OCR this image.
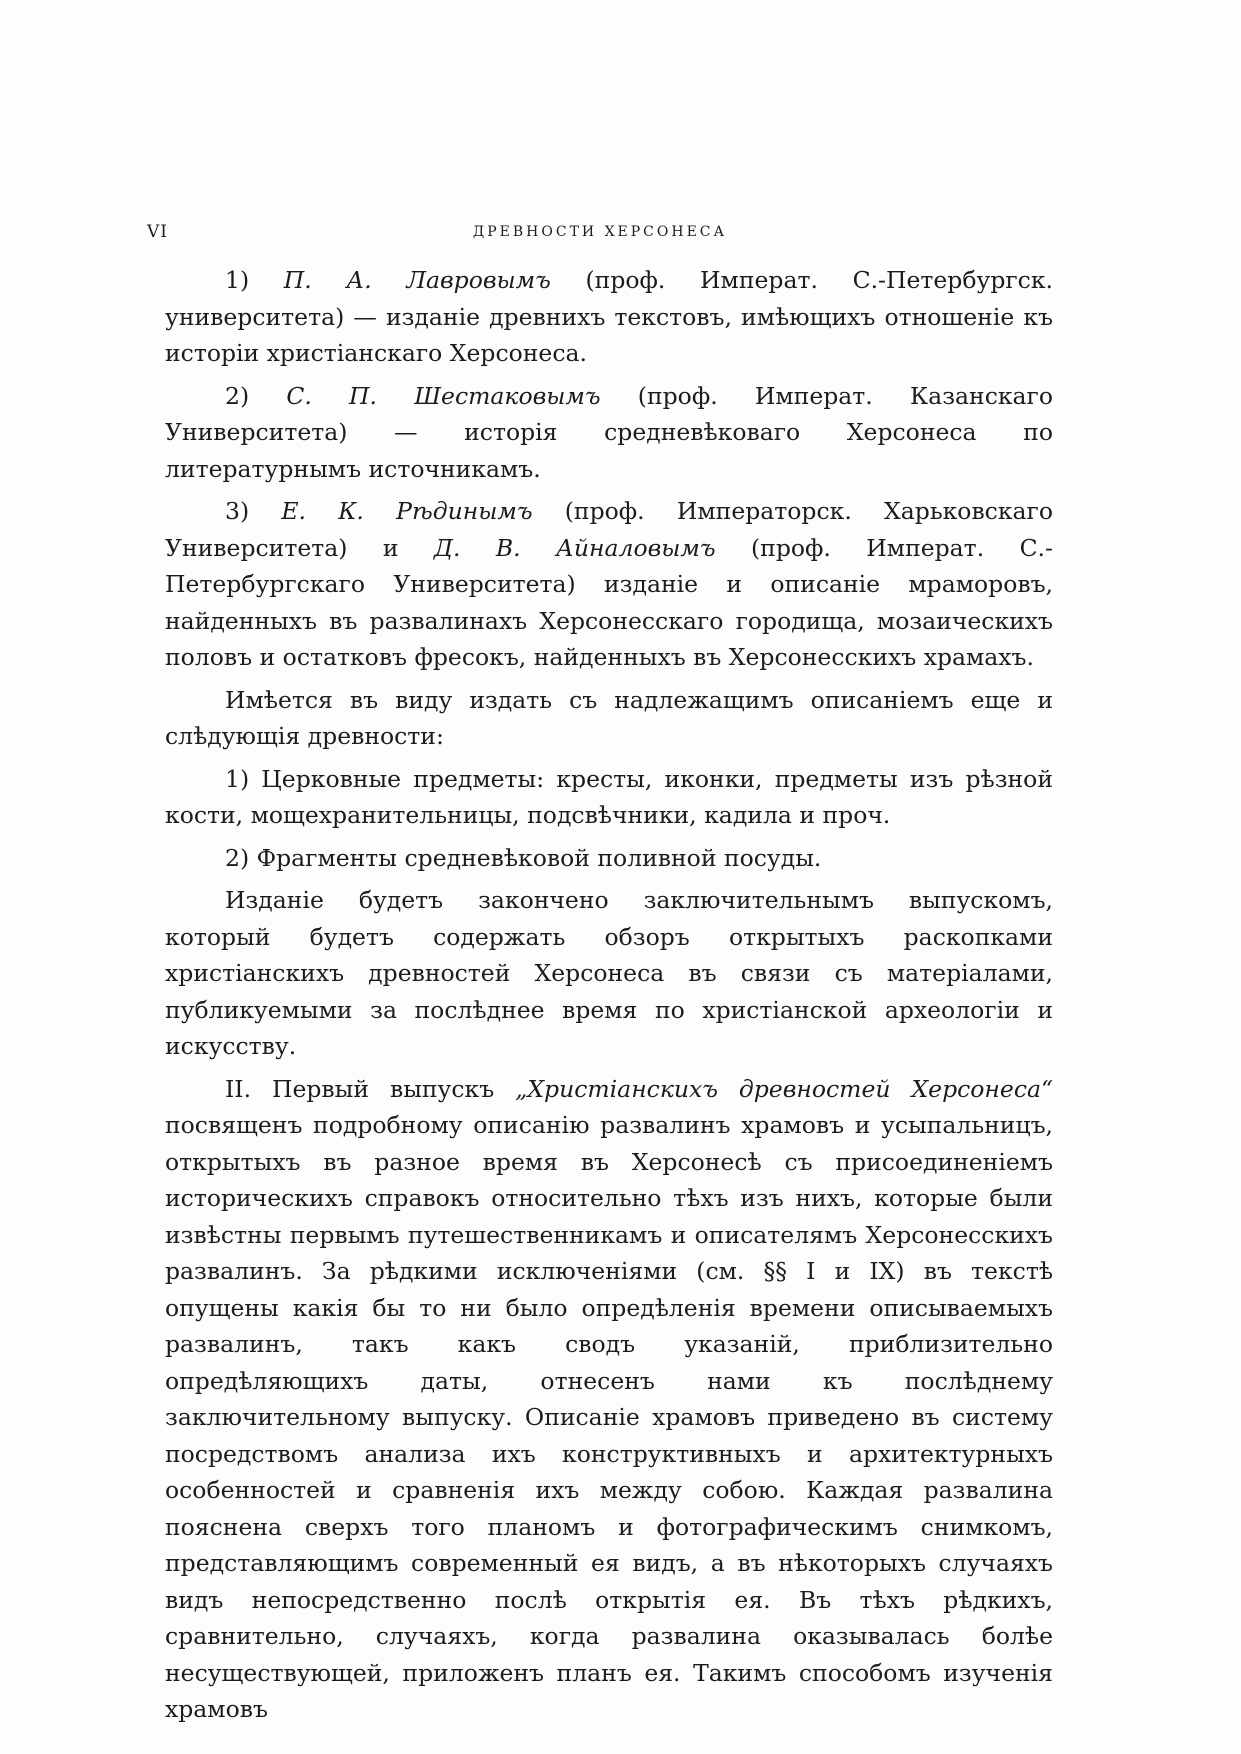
VI	ДРЕВНОСТИ ХЕРСОНЕСА

1) П. А. Лавровымъ (проф. Императ. С.-Петербургск. университета) — изданіе древнихъ текстовъ, имѣющихъ отношеніе къ исторіи христіанскаго Херсонеса.

2) С. П. Шестаковымъ (проф. Императ. Казанскаго Университета) — исторія средневѣковаго Херсонеса по литературнымъ источникамъ.

3) Е. К. Рѣдинымъ (проф. Императорск. Харьковскаго Университета) и Д. В. Айналовымъ (проф. Императ. С.-Петербургскаго Университета) изданіе и описаніе мраморовъ, найденныхъ въ развалинахъ Херсонесскаго городища, мозаическихъ половъ и остатковъ фресокъ, найденныхъ въ Херсонесскихъ храмахъ.

Имѣется въ виду издать съ надлежащимъ описаніемъ еще и слѣдующія древности:

1) Церковные предметы: кресты, иконки, предметы изъ рѣзной кости, мощехранительницы, подсвѣчники, кадила и проч.

2) Фрагменты средневѣковой поливной посуды.

Изданіе будетъ закончено заключительнымъ выпускомъ, который будетъ содержать обзоръ открытыхъ раскопками христіанскихъ древностей Херсонеса въ связи съ матеріалами, публикуемыми за послѣднее время по христіанской археологіи и искусству.

II. Первый выпускъ „Христіанскихъ древностей Херсонеса“ посвященъ подробному описанію развалинъ храмовъ и усыпальницъ, открытыхъ въ разное время въ Херсонесѣ съ присоединеніемъ историческихъ справокъ относительно тѣхъ изъ нихъ, которые были извѣстны первымъ путешественникамъ и описателямъ Херсонесскихъ развалинъ. За рѣдкими исключеніями (см. §§ I и IX) въ текстѣ опущены какія бы то ни было опредѣленія времени описываемыхъ развалинъ, такъ какъ сводъ указаній, приблизительно опредѣляющихъ даты, отнесенъ нами къ послѣднему заключительному выпуску. Описаніе храмовъ приведено въ систему посредствомъ анализа ихъ конструктивныхъ и архитектурныхъ особенностей и сравненія ихъ между собою. Каждая развалина пояснена сверхъ того планомъ и фотографическимъ снимкомъ, представляющимъ современный ея видъ, а въ нѣкоторыхъ случаяхъ видъ непосредственно послѣ открытія ея. Въ тѣхъ рѣдкихъ, сравнительно, случаяхъ, когда развалина оказывалась болѣе несуществующей, приложенъ планъ ея. Такимъ способомъ изученія храмовъ
